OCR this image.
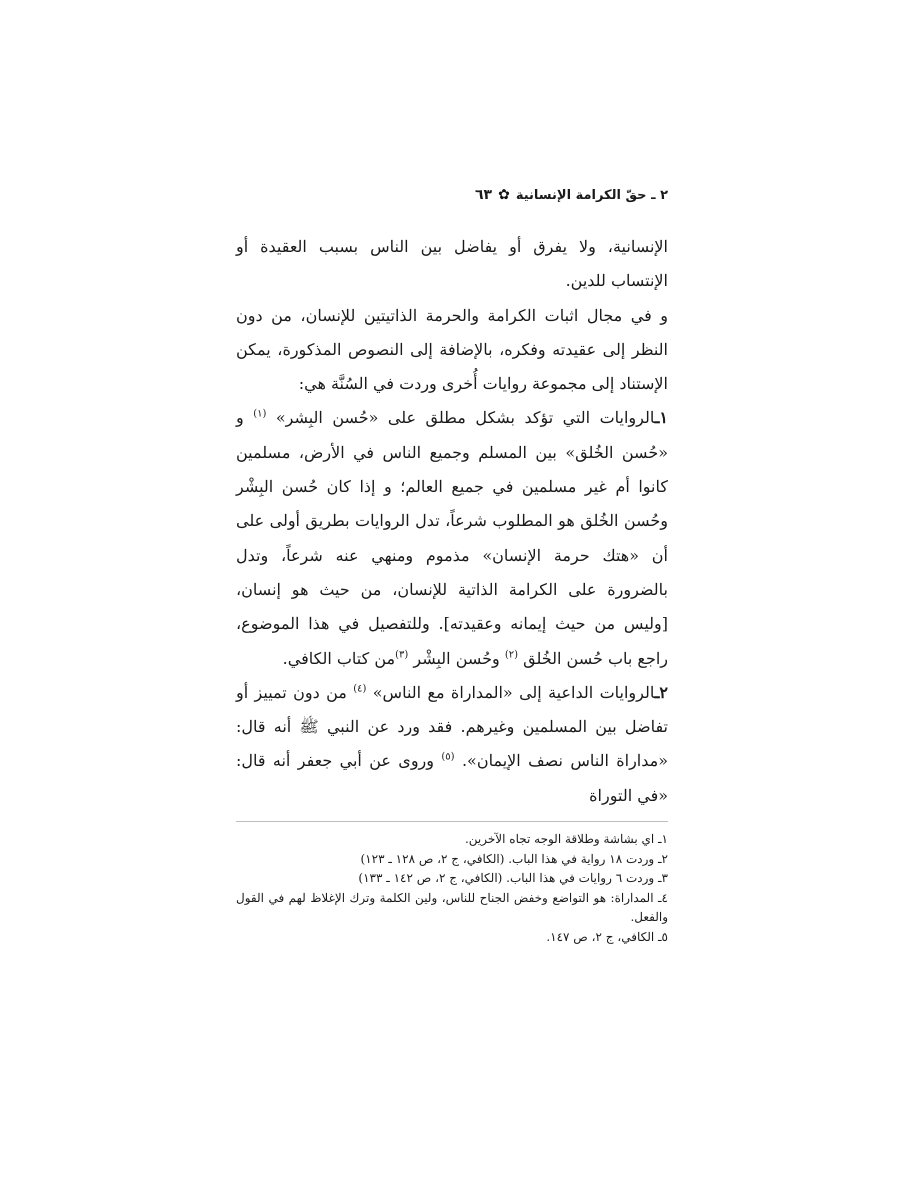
٢ ـ حقّ الكرامة الإنسانية
✿
٦٣

الإنسانية، ولا يفرق أو يفاضل بين الناس بسبب العقيدة أو الإنتساب للدين.

و في مجال اثبات الكرامة والحرمة الذاتيتين للإنسان، من دون النظر إلى عقيدته وفكره، بالإضافة إلى النصوص المذكورة، يمكن الإستناد إلى مجموعة روايات أُخرى وردت في السُنَّة هي:

١ـالروايات التي تؤكد بشكل مطلق على «حُسن البِشر» $^{(١)}$ و «حُسن الخُلق» بين المسلم وجميع الناس في الأرض، مسلمين كانوا أم غير مسلمين في جميع العالم؛ و إذا كان حُسن البِشْر وحُسن الخُلق هو المطلوب شرعاً، تدل الروايات بطريق أولى على أن «هتك حرمة الإنسان» مذموم ومنهي عنه شرعاً، وتدل بالضرورة على الكرامة الذاتية للإنسان، من حيث هو إنسان، [وليس من حيث إيمانه وعقيدته]. وللتفصيل في هذا الموضوع، راجع باب حُسن الخُلق $^{(٢)}$ وحُسن البِشْر $^{(٣)}$من كتاب الكافي.

٢ـالروايات الداعية إلى «المداراة مع الناس» $^{(٤)}$ من دون تمييز أو تفاضل بين المسلمين وغيرهم. فقد ورد عن النبي ﷺ أنه قال: «مداراة الناس نصف الإيمان». $^{(٥)}$ وروى عن أبي جعفر أنه قال: «في التوراة

١ـ اي بشاشة وطلاقة الوجه تجاه الآخرين.

٢ـ وردت ١٨ رواية في هذا الباب. (الكافي، ج ٢، ص ١٢٨ ـ ١٢٣)

٣ـ وردت ٦ روايات في هذا الباب. (الكافي، ج ٢، ص ١٤٢ ـ ١٣٣)

٤ـ المداراة: هو التواضع وخفض الجناح للناس، ولين الكلمة وترك الإغلاظ لهم في القول والفعل.

٥ـ الكافي، ج ٢، ص ١٤٧.
